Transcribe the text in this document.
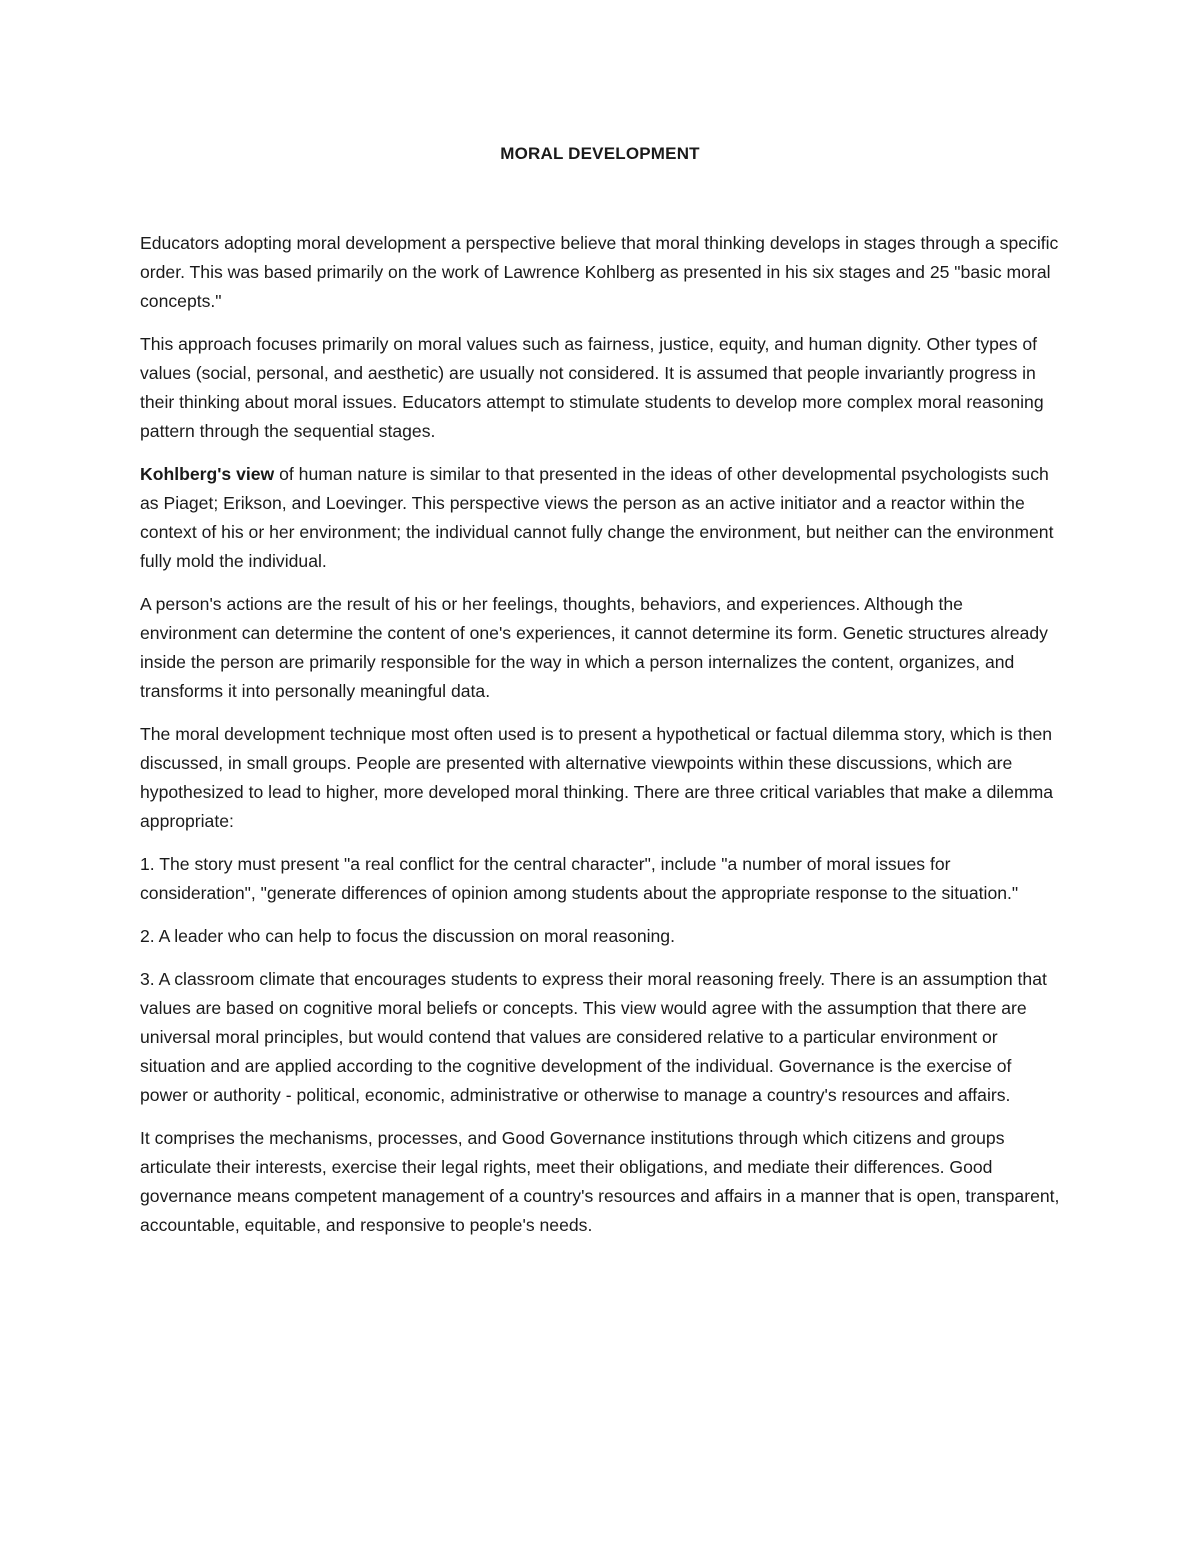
MORAL DEVELOPMENT

Educators adopting moral development a perspective believe that moral thinking develops in stages through a specific order. This was based primarily on the work of Lawrence Kohlberg as presented in his six stages and 25 "basic moral concepts."

This approach focuses primarily on moral values such as fairness, justice, equity, and human dignity. Other types of values (social, personal, and aesthetic) are usually not considered. It is assumed that people invariantly progress in their thinking about moral issues. Educators attempt to stimulate students to develop more complex moral reasoning pattern through the sequential stages.

Kohlberg's view of human nature is similar to that presented in the ideas of other developmental psychologists such as Piaget; Erikson, and Loevinger. This perspective views the person as an active initiator and a reactor within the context of his or her environment; the individual cannot fully change the environment, but neither can the environment fully mold the individual.

A person's actions are the result of his or her feelings, thoughts, behaviors, and experiences. Although the environment can determine the content of one's experiences, it cannot determine its form. Genetic structures already inside the person are primarily responsible for the way in which a person internalizes the content, organizes, and transforms it into personally meaningful data.

The moral development technique most often used is to present a hypothetical or factual dilemma story, which is then discussed, in small groups. People are presented with alternative viewpoints within these discussions, which are hypothesized to lead to higher, more developed moral thinking. There are three critical variables that make a dilemma appropriate:

1. The story must present "a real conflict for the central character", include "a number of moral issues for consideration", "generate differences of opinion among students about the appropriate response to the situation."

2. A leader who can help to focus the discussion on moral reasoning.

3. A classroom climate that encourages students to express their moral reasoning freely. There is an assumption that values are based on cognitive moral beliefs or concepts. This view would agree with the assumption that there are universal moral principles, but would contend that values are considered relative to a particular environment or situation and are applied according to the cognitive development of the individual. Governance is the exercise of power or authority - political, economic, administrative or otherwise to manage a country's resources and affairs.

It comprises the mechanisms, processes, and Good Governance institutions through which citizens and groups articulate their interests, exercise their legal rights, meet their obligations, and mediate their differences. Good governance means competent management of a country's resources and affairs in a manner that is open, transparent, accountable, equitable, and responsive to people's needs.
